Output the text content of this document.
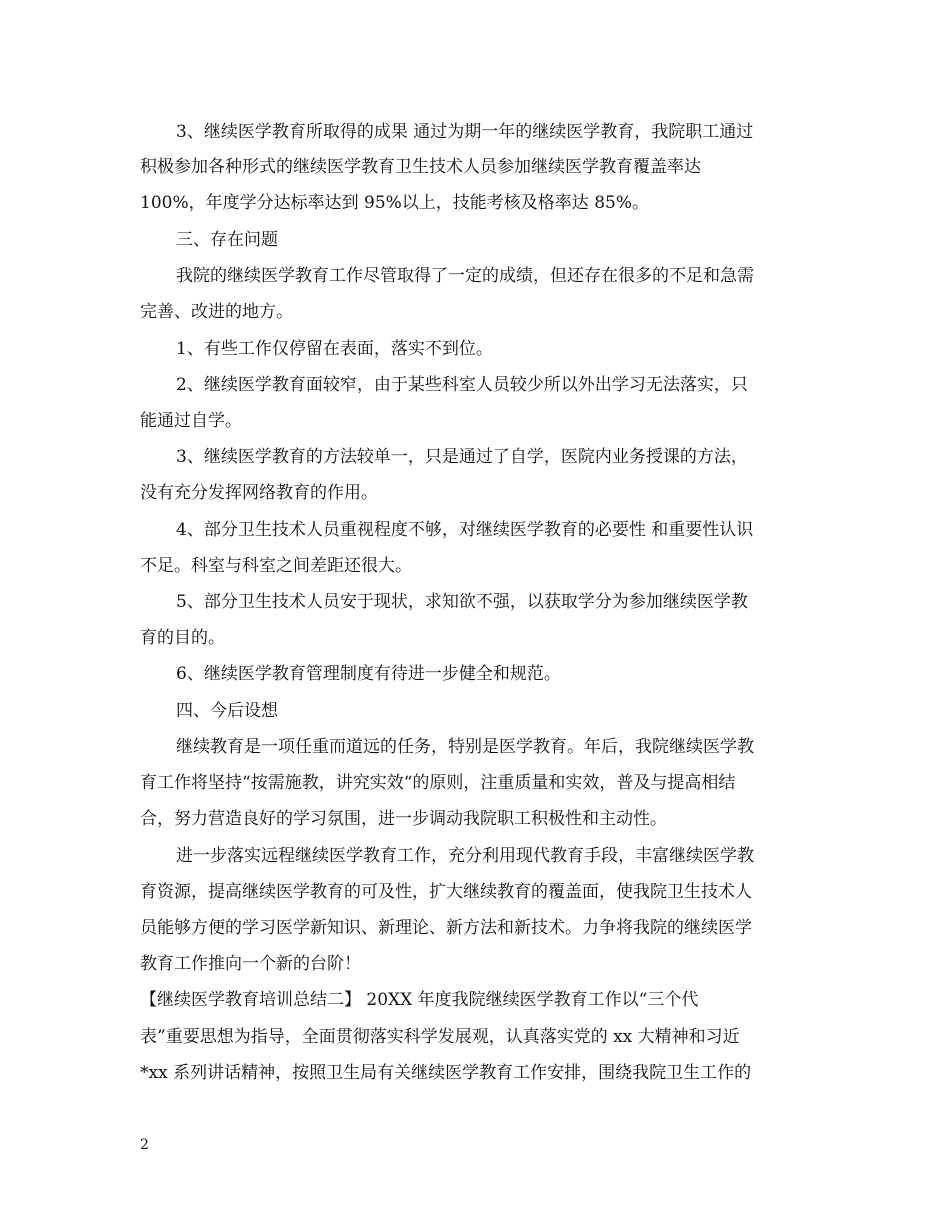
3、继续医学教育所取得的成果 通过为期一年的继续医学教育，我院职工通过
积极参加各种形式的继续医学教育卫生技术人员参加继续医学教育覆盖率达
100%，年度学分达标率达到 95%以上，技能考核及格率达 85%。
三、存在问题
我院的继续医学教育工作尽管取得了一定的成绩，但还存在很多的不足和急需
完善、改进的地方。
1、有些工作仅停留在表面，落实不到位。
2、继续医学教育面较窄，由于某些科室人员较少所以外出学习无法落实，只
能通过自学。
3、继续医学教育的方法较单一，只是通过了自学，医院内业务授课的方法，
没有充分发挥网络教育的作用。
4、部分卫生技术人员重视程度不够，对继续医学教育的必要性 和重要性认识
不足。科室与科室之间差距还很大。
5、部分卫生技术人员安于现状，求知欲不强，以获取学分为参加继续医学教
育的目的。
6、继续医学教育管理制度有待进一步健全和规范。
四、今后设想
继续教育是一项任重而道远的任务，特别是医学教育。年后，我院继续医学教
育工作将坚持“按需施教，讲究实效“的原则，注重质量和实效，普及与提高相结
合，努力营造良好的学习氛围，进一步调动我院职工积极性和主动性。
进一步落实远程继续医学教育工作，充分利用现代教育手段，丰富继续医学教
育资源，提高继续医学教育的可及性，扩大继续教育的覆盖面，使我院卫生技术人
员能够方便的学习医学新知识、新理论、新方法和新技术。力争将我院的继续医学
教育工作推向一个新的台阶！
【继续医学教育培训总结二】 20XX 年度我院继续医学教育工作以“三个代
表”重要思想为指导，全面贯彻落实科学发展观，认真落实党的 xx 大精神和习近
*xx 系列讲话精神，按照卫生局有关继续医学教育工作安排，围绕我院卫生工作的
2
